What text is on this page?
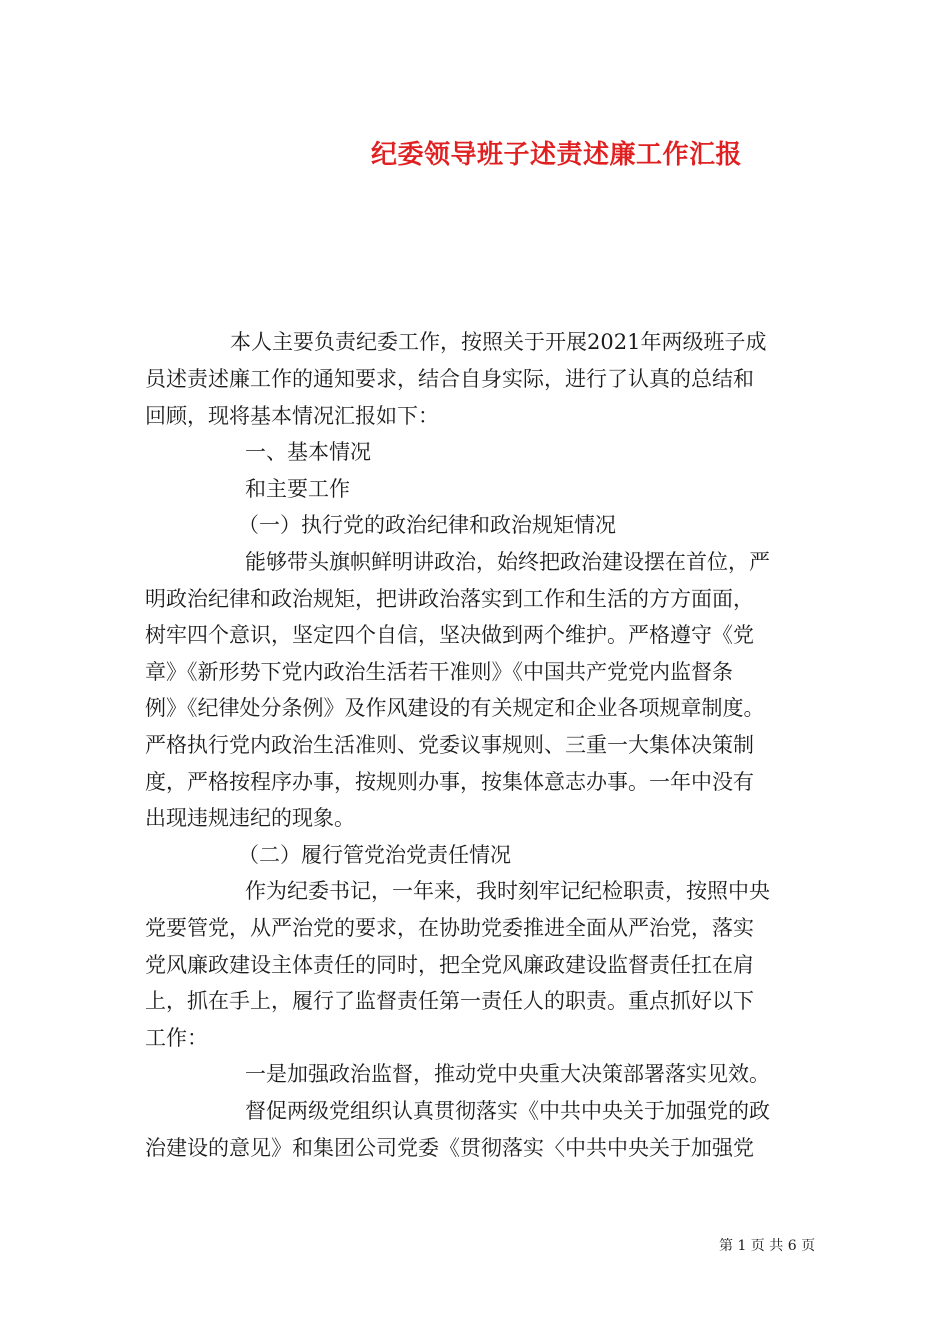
纪委领导班子述责述廉工作汇报
本人主要负责纪委工作，按照关于开展2021年两级班子成
员述责述廉工作的通知要求，结合自身实际，进行了认真的总结和
回顾，现将基本情况汇报如下：
一、基本情况
和主要工作
（一）执行党的政治纪律和政治规矩情况
能够带头旗帜鲜明讲政治，始终把政治建设摆在首位，严
明政治纪律和政治规矩，把讲政治落实到工作和生活的方方面面，
树牢四个意识，坚定四个自信，坚决做到两个维护。严格遵守《党
章》《新形势下党内政治生活若干准则》《中国共产党党内监督条
例》《纪律处分条例》及作风建设的有关规定和企业各项规章制度。
严格执行党内政治生活准则、党委议事规则、三重一大集体决策制
度，严格按程序办事，按规则办事，按集体意志办事。一年中没有
出现违规违纪的现象。
（二）履行管党治党责任情况
作为纪委书记，一年来，我时刻牢记纪检职责，按照中央
党要管党，从严治党的要求，在协助党委推进全面从严治党，落实
党风廉政建设主体责任的同时，把全党风廉政建设监督责任扛在肩
上，抓在手上，履行了监督责任第一责任人的职责。重点抓好以下
工作：
一是加强政治监督，推动党中央重大决策部署落实见效。
督促两级党组织认真贯彻落实《中共中央关于加强党的政
治建设的意见》和集团公司党委《贯彻落实〈中共中央关于加强党
第 1 页 共 6 页
